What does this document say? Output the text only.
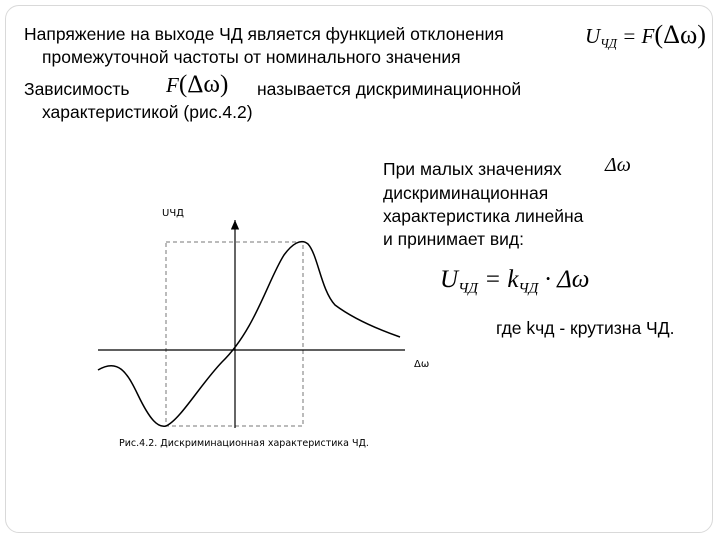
Напряжение на выходе ЧД является функцией отклонения
промежуточной частоты от номинального значения
Зависимость	называется дискриминационной
характеристикой (рис.4.2)
$U_{ЧД} = F(\Delta\omega)$
F(Δω)
При малых значениях Δω
дискриминационная
характеристика линейна
и принимает вид:
$U_{ЧД} = k_{ЧД} \cdot \Delta\omega$
где kчд - крутизна ЧД.
UЧД
Δω
Рис.4.2. Дискриминационная характеристика ЧД.
